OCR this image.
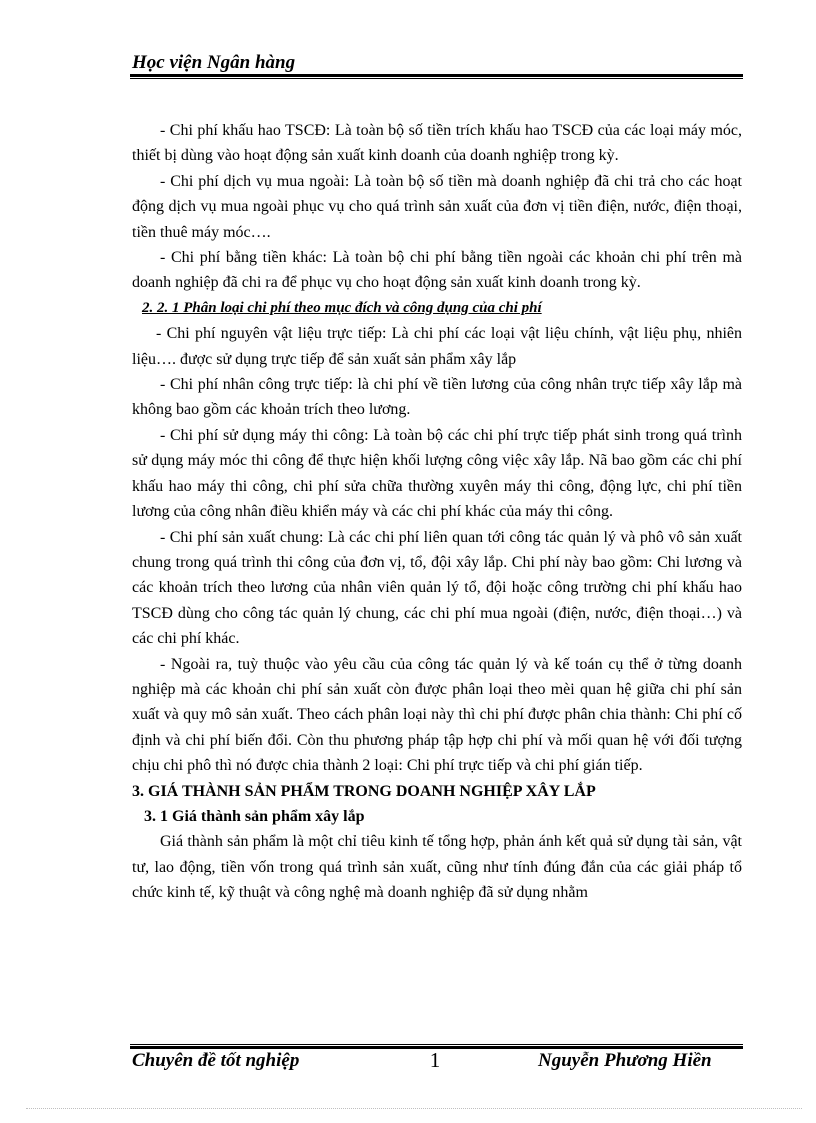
Học viện Ngân hàng

- Chi phí khấu hao TSCĐ: Là toàn bộ số tiền trích khấu hao TSCĐ của các loại máy móc, thiết bị dùng vào hoạt động sản xuất kinh doanh của doanh nghiệp trong kỳ.

- Chi phí dịch vụ mua ngoài: Là toàn bộ số tiền mà doanh nghiệp đã chi trả cho các hoạt động dịch vụ mua ngoài phục vụ cho quá trình sản xuất của đơn vị tiền điện, nước, điện thoại, tiền thuê máy móc….

- Chi phí bằng tiền khác: Là toàn bộ chi phí bằng tiền ngoài các khoản chi phí trên mà doanh nghiệp đã chi ra để phục vụ cho hoạt động sản xuất kinh doanh trong kỳ.

2. 2. 1 Phân loại chi phí theo mục đích và công dụng của chi phí

- Chi phí nguyên vật liệu trực tiếp: Là chi phí các loại vật liệu chính, vật liệu phụ, nhiên liệu…. được sử dụng trực tiếp để sản xuất sản phẩm xây lắp

- Chi phí nhân công trực tiếp: là chi phí về tiền lương của công nhân trực tiếp xây lắp mà không bao gồm các khoản trích theo lương.

- Chi phí sử dụng máy thi công: Là toàn bộ các chi phí trực tiếp phát sinh trong quá trình sử dụng máy móc thi công để thực hiện khối lượng công việc xây lắp. Nã bao gồm các chi phí khấu hao máy thi công, chi phí sửa chữa thường xuyên máy thi công, động lực, chi phí tiền lương của công nhân điều khiển máy và các chi phí khác của máy thi công.

- Chi phí sản xuất chung: Là các chi phí liên quan tới công tác quản lý và phô vô sản xuất chung trong quá trình thi công của đơn vị, tổ, đội xây lắp. Chi phí này bao gồm: Chi lương và các khoản trích theo lương của nhân viên quản lý tổ, đội hoặc công trường chi phí khấu hao TSCĐ dùng cho công tác quản lý chung, các chi phí mua ngoài (điện, nước, điện thoại…) và các chi phí khác.

- Ngoài ra, tuỳ thuộc vào yêu cầu của công tác quản lý và kế toán cụ thể ở từng doanh nghiệp mà các khoản chi phí sản xuất còn được phân loại theo mèi quan hệ giữa chi phí sản xuất và quy mô sản xuất. Theo cách phân loại này thì chi phí được phân chia thành: Chi phí cố định và chi phí biến đổi. Còn thu phương pháp tập hợp chi phí và mối quan hệ với đối tượng chịu chi phô thì nó được chia thành 2 loại: Chi phí trực tiếp và chi phí gián tiếp.

3. GIÁ THÀNH SẢN PHẨM TRONG DOANH NGHIỆP XÂY LẮP

3. 1 Giá thành sản phẩm xây lắp

Giá thành sản phẩm là một chỉ tiêu kinh tế tổng hợp, phản ánh kết quả sử dụng tài sản, vật tư, lao động, tiền vốn trong quá trình sản xuất, cũng như tính đúng đắn của các giải pháp tổ chức kinh tế, kỹ thuật và công nghệ mà doanh nghiệp đã sử dụng nhằm

Chuyên đề tốt nghiệp	1	Nguyễn Phương Hiền
